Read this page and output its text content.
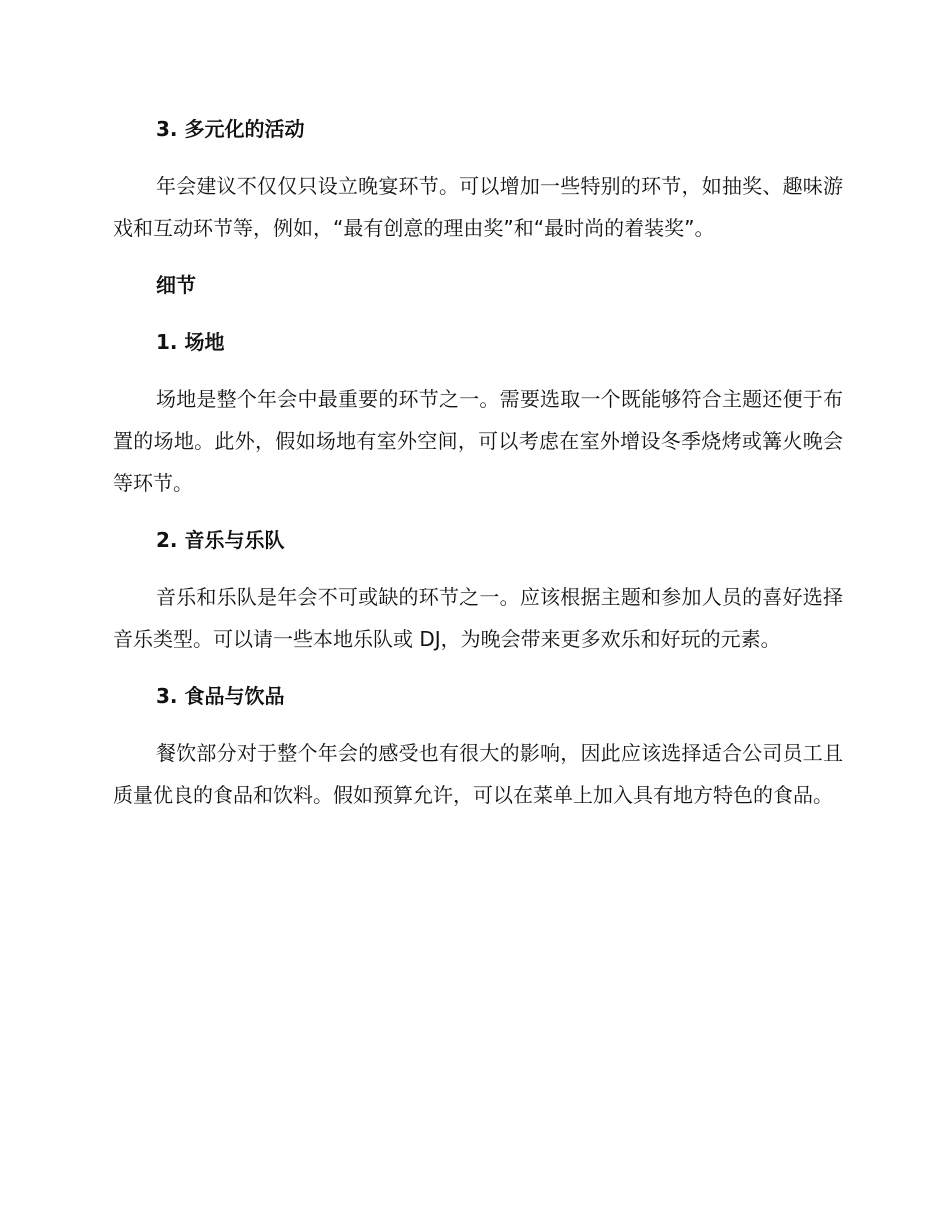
3. 多元化的活动

年会建议不仅仅只设立晚宴环节。可以增加一些特别的环节，如抽奖、趣味游戏和互动环节等，例如，“最有创意的理由奖”和“最时尚的着装奖”。

细节
1. 场地

场地是整个年会中最重要的环节之一。需要选取一个既能够符合主题还便于布置的场地。此外，假如场地有室外空间，可以考虑在室外增设冬季烧烤或篝火晚会等环节。

2. 音乐与乐队

音乐和乐队是年会不可或缺的环节之一。应该根据主题和参加人员的喜好选择音乐类型。可以请一些本地乐队或 DJ，为晚会带来更多欢乐和好玩的元素。

3. 食品与饮品

餐饮部分对于整个年会的感受也有很大的影响，因此应该选择适合公司员工且质量优良的食品和饮料。假如预算允许，可以在菜单上加入具有地方特色的食品。
